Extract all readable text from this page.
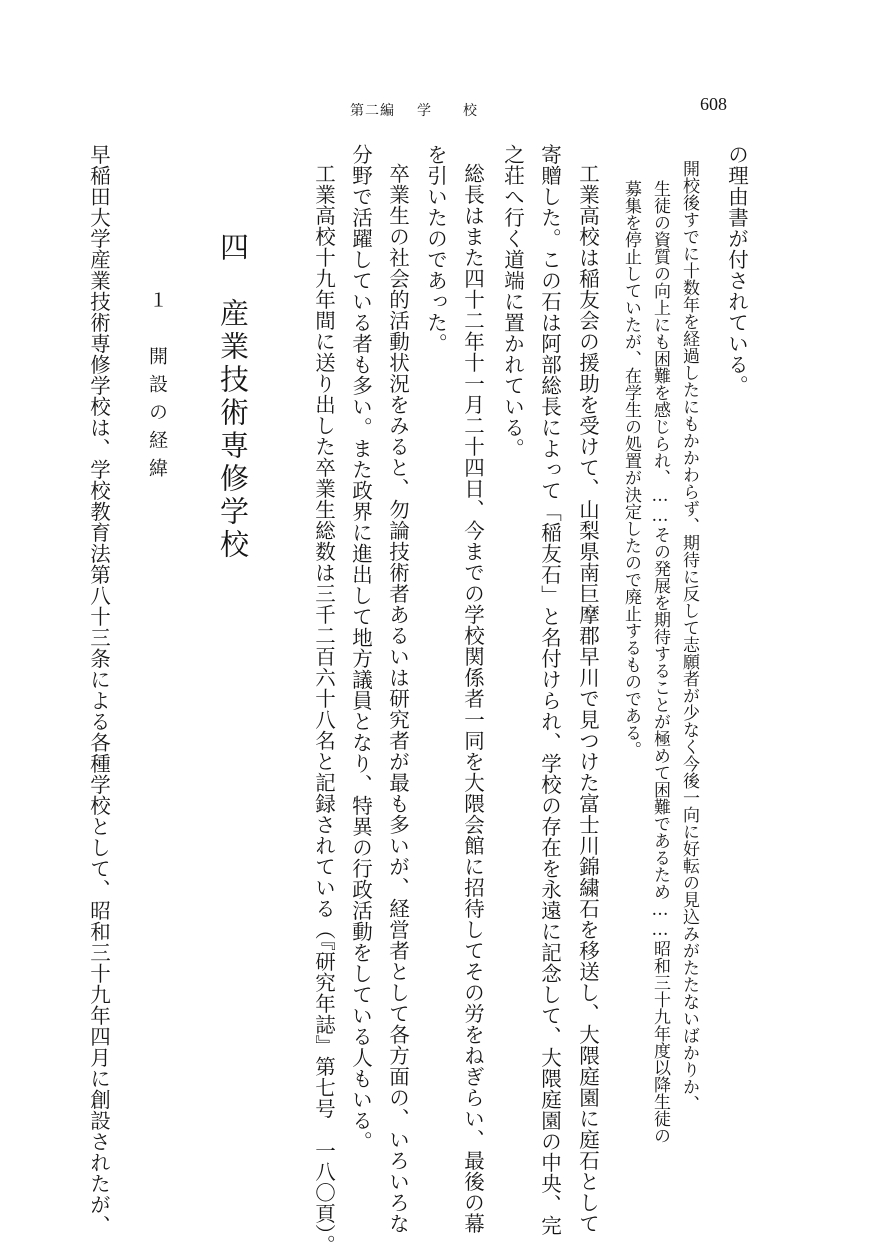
第二編 学校	608
の理由書が付されている。
開校後すでに十数年を経過したにもかかわらず、期待に反して志願者が少なく今後一向に好転の見込みがたたないばかりか、
生徒の資質の向上にも困難を感じられ、……その発展を期待することが極めて困難であるため……昭和三十九年度以降生徒の
募集を停止していたが、在学生の処置が決定したので廃止するものである。
工業高校は稲友会の援助を受けて、山梨県南巨摩郡早川で見つけた富士川錦繍石を移送し、大隈庭園に庭石として
寄贈した。この石は阿部総長によって「稲友石」と名付けられ、学校の存在を永遠に記念して、大隈庭園の中央、完
之荘へ行く道端に置かれている。
総長はまた四十二年十一月二十四日、今までの学校関係者一同を大隈会館に招待してその労をねぎらい、最後の幕
を引いたのであった。
卒業生の社会的活動状況をみると、勿論技術者あるいは研究者が最も多いが、経営者として各方面の、いろいろな
分野で活躍している者も多い。また政界に進出して地方議員となり、特異の行政活動をしている人もいる。
工業高校十九年間に送り出した卒業生総数は三千二百六十八名と記録されている（『研究年誌』第七号　一八〇頁）。
四　産業技術専修学校
１　開設の経緯
早稲田大学産業技術専修学校は、学校教育法第八十三条による各種学校として、昭和三十九年四月に創設されたが、
